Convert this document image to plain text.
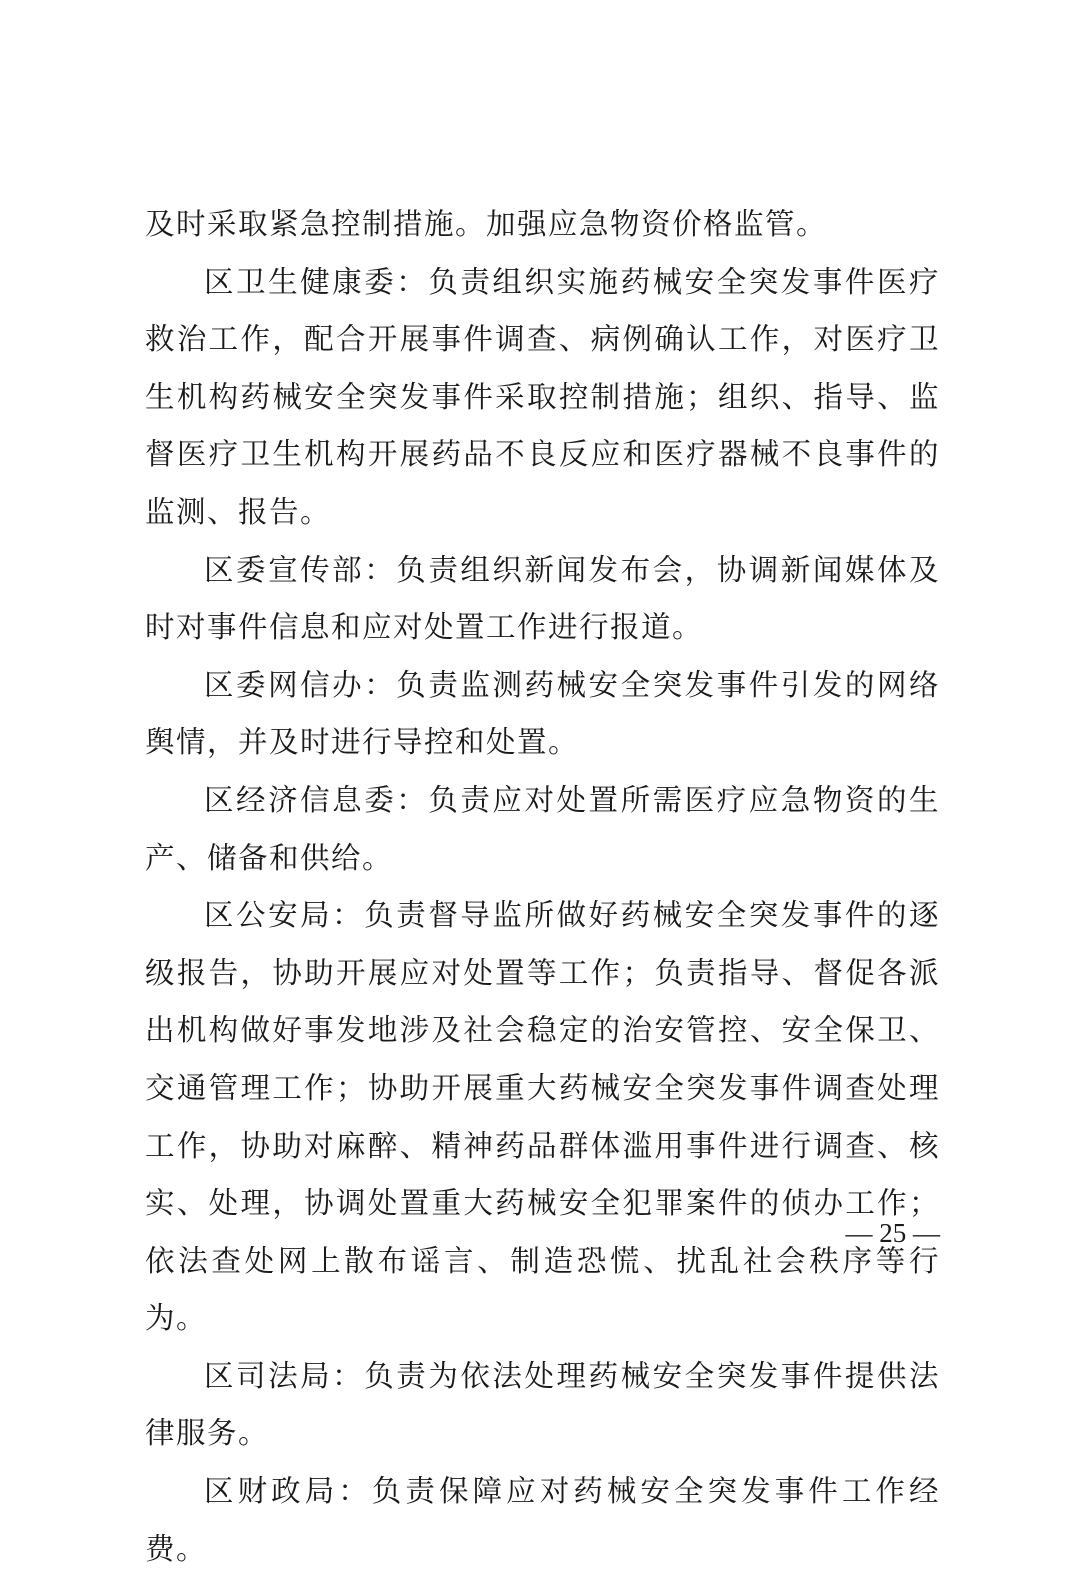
及时采取紧急控制措施。加强应急物资价格监管。

区卫生健康委：负责组织实施药械安全突发事件医疗救治工作，配合开展事件调查、病例确认工作，对医疗卫生机构药械安全突发事件采取控制措施；组织、指导、监督医疗卫生机构开展药品不良反应和医疗器械不良事件的监测、报告。

区委宣传部：负责组织新闻发布会，协调新闻媒体及时对事件信息和应对处置工作进行报道。

区委网信办：负责监测药械安全突发事件引发的网络舆情，并及时进行导控和处置。

区经济信息委：负责应对处置所需医疗应急物资的生产、储备和供给。

区公安局：负责督导监所做好药械安全突发事件的逐级报告，协助开展应对处置等工作；负责指导、督促各派出机构做好事发地涉及社会稳定的治安管控、安全保卫、交通管理工作；协助开展重大药械安全突发事件调查处理工作，协助对麻醉、精神药品群体滥用事件进行调查、核实、处理，协调处置重大药械安全犯罪案件的侦办工作；依法查处网上散布谣言、制造恐慌、扰乱社会秩序等行为。

区司法局：负责为依法处理药械安全突发事件提供法律服务。

区财政局：负责保障应对药械安全突发事件工作经费。

— 25 —
